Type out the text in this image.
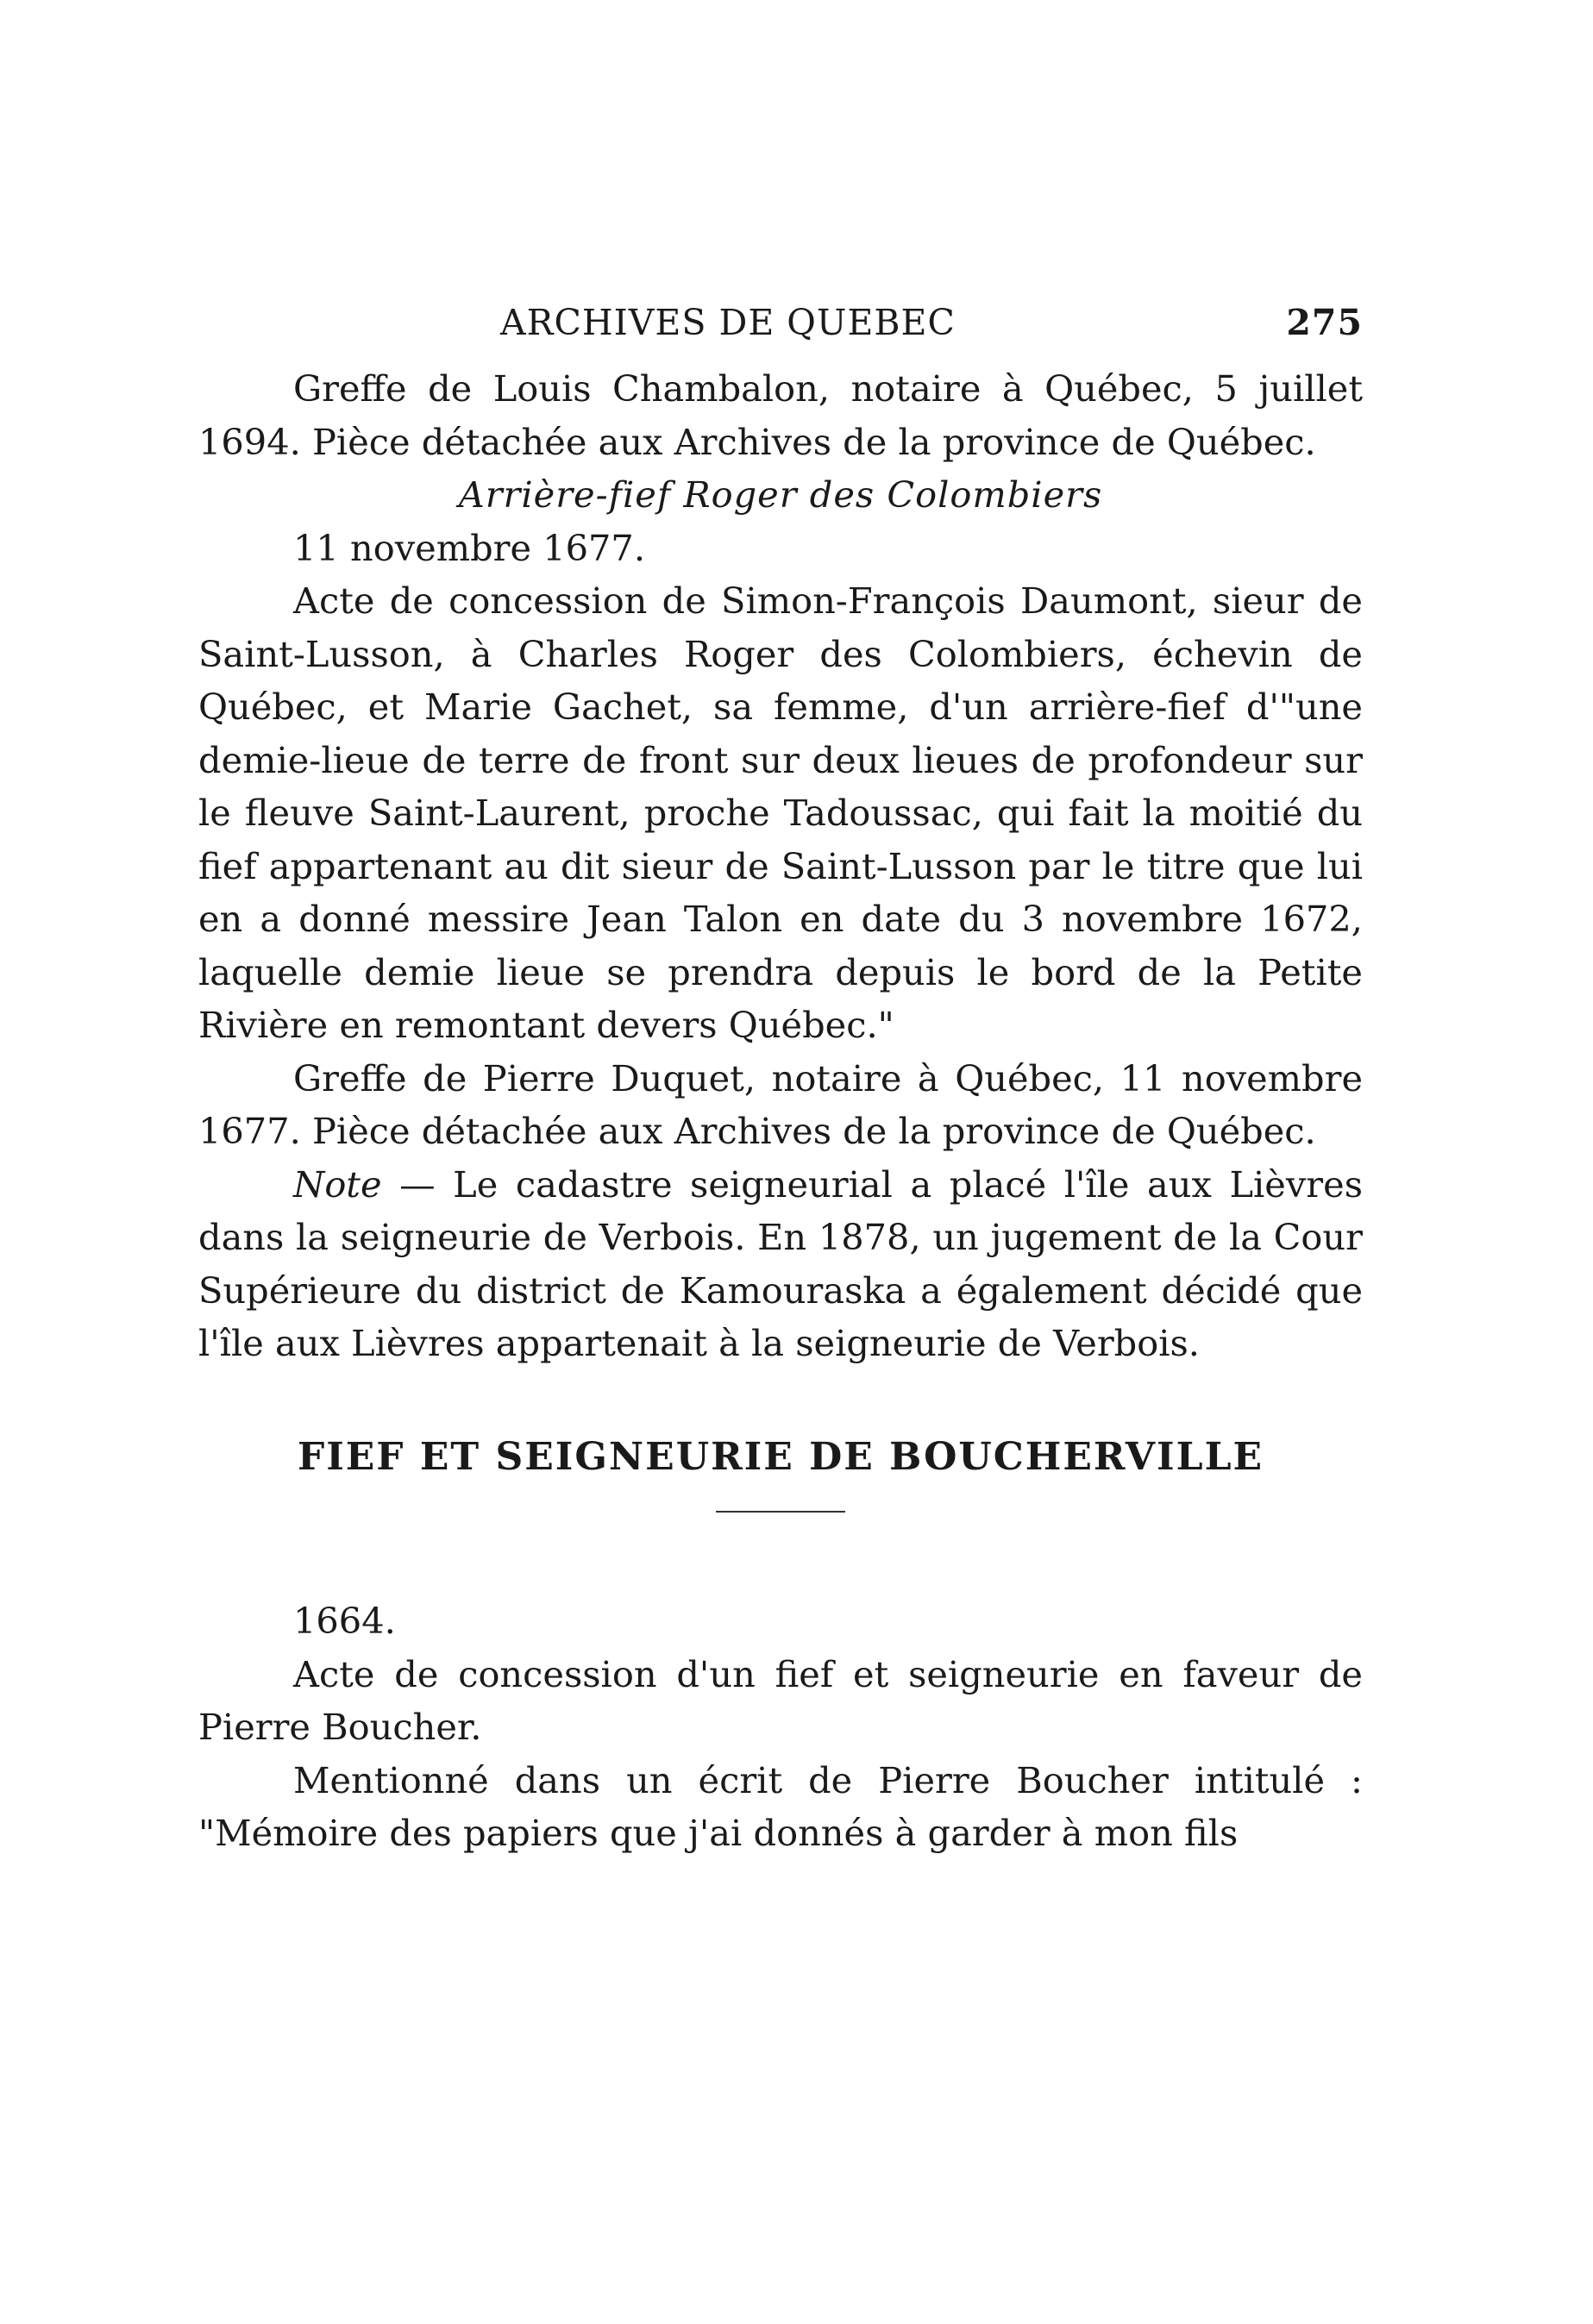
ARCHIVES DE QUEBEC	275

Greffe de Louis Chambalon, notaire à Québec, 5 juillet 1694. Pièce détachée aux Archives de la province de Québec.

Arrière-fief Roger des Colombiers

11 novembre 1677.

Acte de concession de Simon-François Daumont, sieur de Saint-Lusson, à Charles Roger des Colombiers, échevin de Québec, et Marie Gachet, sa femme, d'un arrière-fief d'"une demie-lieue de terre de front sur deux lieues de profondeur sur le fleuve Saint-Laurent, proche Tadoussac, qui fait la moitié du fief appartenant au dit sieur de Saint-Lusson par le titre que lui en a donné messire Jean Talon en date du 3 novembre 1672, laquelle demie lieue se prendra depuis le bord de la Petite Rivière en remontant devers Québec."

Greffe de Pierre Duquet, notaire à Québec, 11 novembre 1677. Pièce détachée aux Archives de la province de Québec.

Note — Le cadastre seigneurial a placé l'île aux Lièvres dans la seigneurie de Verbois. En 1878, un jugement de la Cour Supérieure du district de Kamouraska a également décidé que l'île aux Lièvres appartenait à la seigneurie de Verbois.

FIEF ET SEIGNEURIE DE BOUCHERVILLE

1664.

Acte de concession d'un fief et seigneurie en faveur de Pierre Boucher.

Mentionné dans un écrit de Pierre Boucher intitulé : "Mémoire des papiers que j'ai donnés à garder à mon fils
